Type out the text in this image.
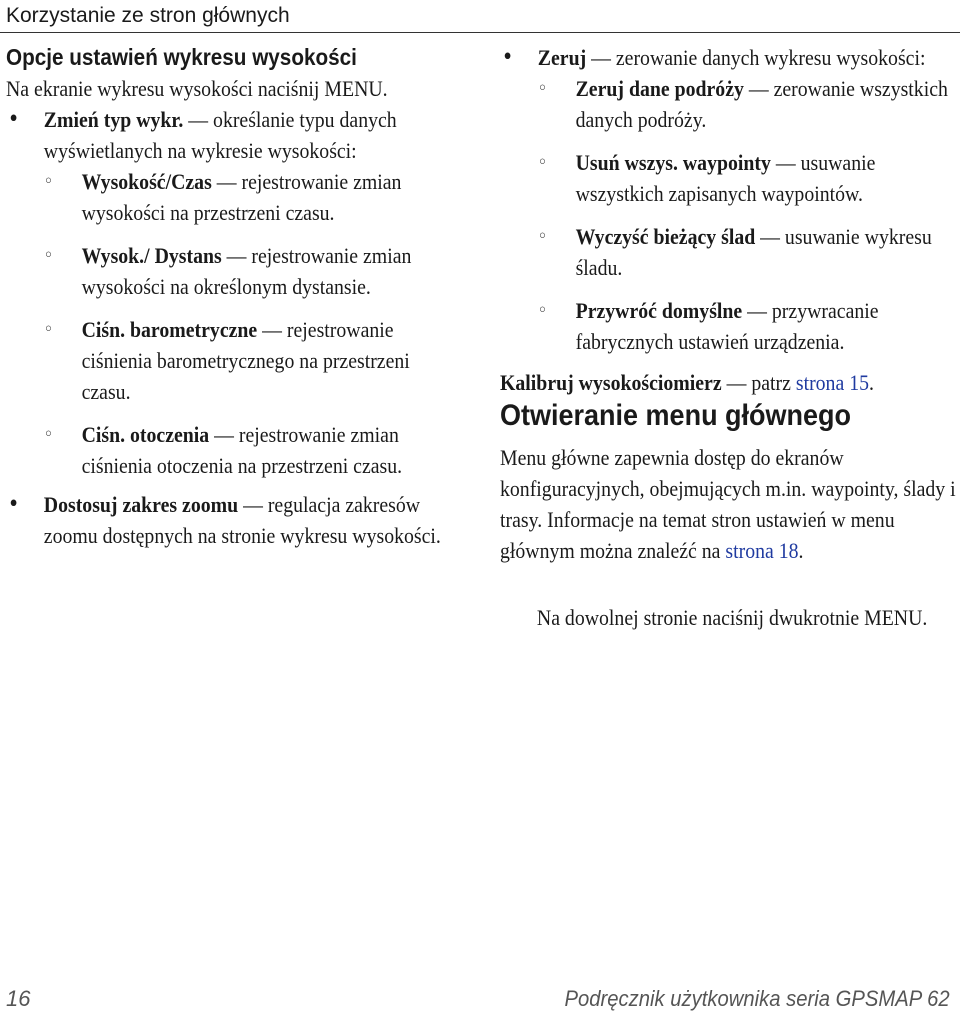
Korzystanie ze stron głównych
Opcje ustawień wykresu wysokości

Na ekranie wykresu wysokości naciśnij MENU.

• Zmień typ wykr. — określanie typu danych wyświetlanych na wykresie wysokości:
◦ Wysokość/Czas — rejestrowanie zmian wysokości na przestrzeni czasu.
◦ Wysok./ Dystans — rejestrowanie zmian wysokości na określonym dystansie.
◦ Ciśn. barometryczne — rejestrowanie ciśnienia barometrycznego na przestrzeni czasu.
◦ Ciśn. otoczenia — rejestrowanie zmian ciśnienia otoczenia na przestrzeni czasu.
• Dostosuj zakres zoomu — regulacja zakresów zoomu dostępnych na stronie wykresu wysokości.
• Zeruj — zerowanie danych wykresu wysokości:
◦ Zeruj dane podróży — zerowanie wszystkich danych podróży.
◦ Usuń wszys. waypointy — usuwanie wszystkich zapisanych waypointów.
◦ Wyczyść bieżący ślad — usuwanie wykresu śladu.
◦ Przywróć domyślne — przywracanie fabrycznych ustawień urządzenia.

Kalibruj wysokościomierz — patrz strona 15.

Otwieranie menu głównego

Menu główne zapewnia dostęp do ekranów konfiguracyjnych, obejmujących m.in. waypointy, ślady i trasy. Informacje na temat stron ustawień w menu głównym można znaleźć na strona 18.

Na dowolnej stronie naciśnij dwukrotnie MENU.

16	Podręcznik użytkownika seria GPSMAP 62
